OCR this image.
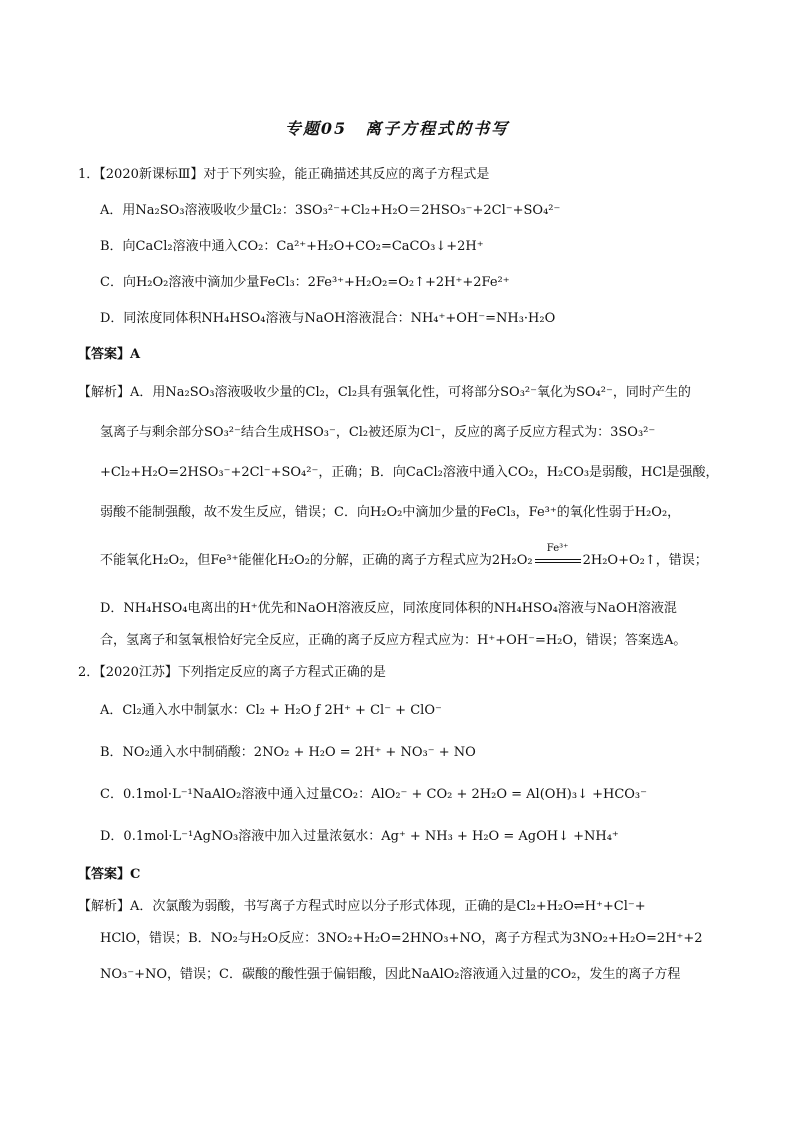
专题05　离子方程式的书写
1．【2020新课标Ⅲ】对于下列实验，能正确描述其反应的离子方程式是
A．用Na₂SO₃溶液吸收少量Cl₂：3SO₃²⁻+Cl₂+H₂O＝2HSO₃⁻+2Cl⁻+SO₄²⁻
B．向CaCl₂溶液中通入CO₂：Ca²⁺+H₂O+CO₂=CaCO₃↓+2H⁺
C．向H₂O₂溶液中滴加少量FeCl₃：2Fe³⁺+H₂O₂=O₂↑+2H⁺+2Fe²⁺
D．同浓度同体积NH₄HSO₄溶液与NaOH溶液混合：NH₄⁺+OH⁻=NH₃·H₂O
【答案】A
【解析】A．用Na₂SO₃溶液吸收少量的Cl₂，Cl₂具有强氧化性，可将部分SO₃²⁻氧化为SO₄²⁻，同时产生的
氢离子与剩余部分SO₃²⁻结合生成HSO₃⁻，Cl₂被还原为Cl⁻，反应的离子反应方程式为：3SO₃²⁻
+Cl₂+H₂O=2HSO₃⁻+2Cl⁻+SO₄²⁻，正确；B．向CaCl₂溶液中通入CO₂，H₂CO₃是弱酸，HCl是强酸，
弱酸不能制强酸，故不发生反应，错误；C．向H₂O₂中滴加少量的FeCl₃，Fe³⁺的氧化性弱于H₂O₂，
不能氧化H₂O₂，但Fe³⁺能催化H₂O₂的分解，正确的离子方程式应为2H₂O₂
Fe³⁺
2H₂O+O₂↑，错误；
D．NH₄HSO₄电离出的H⁺优先和NaOH溶液反应，同浓度同体积的NH₄HSO₄溶液与NaOH溶液混
合，氢离子和氢氧根恰好完全反应，正确的离子反应方程式应为：H⁺+OH⁻=H₂O，错误；答案选A。
2．【2020江苏】下列指定反应的离子方程式正确的是
A．Cl₂通入水中制氯水：Cl₂ + H₂O ƒ 2H⁺ + Cl⁻ + ClO⁻
B．NO₂通入水中制硝酸：2NO₂ + H₂O = 2H⁺ + NO₃⁻ + NO
C．0.1mol·L⁻¹NaAlO₂溶液中通入过量CO₂：AlO₂⁻ + CO₂ + 2H₂O = Al(OH)₃↓ +HCO₃⁻
D．0.1mol·L⁻¹AgNO₃溶液中加入过量浓氨水：Ag⁺ + NH₃ + H₂O = AgOH↓ +NH₄⁺
【答案】C
【解析】A．次氯酸为弱酸，书写离子方程式时应以分子形式体现，正确的是Cl₂+H₂O⇌H⁺+Cl⁻+
HClO，错误；B．NO₂与H₂O反应：3NO₂+H₂O=2HNO₃+NO，离子方程式为3NO₂+H₂O=2H⁺+2
NO₃⁻+NO，错误；C．碳酸的酸性强于偏铝酸，因此NaAlO₂溶液通入过量的CO₂，发生的离子方程
